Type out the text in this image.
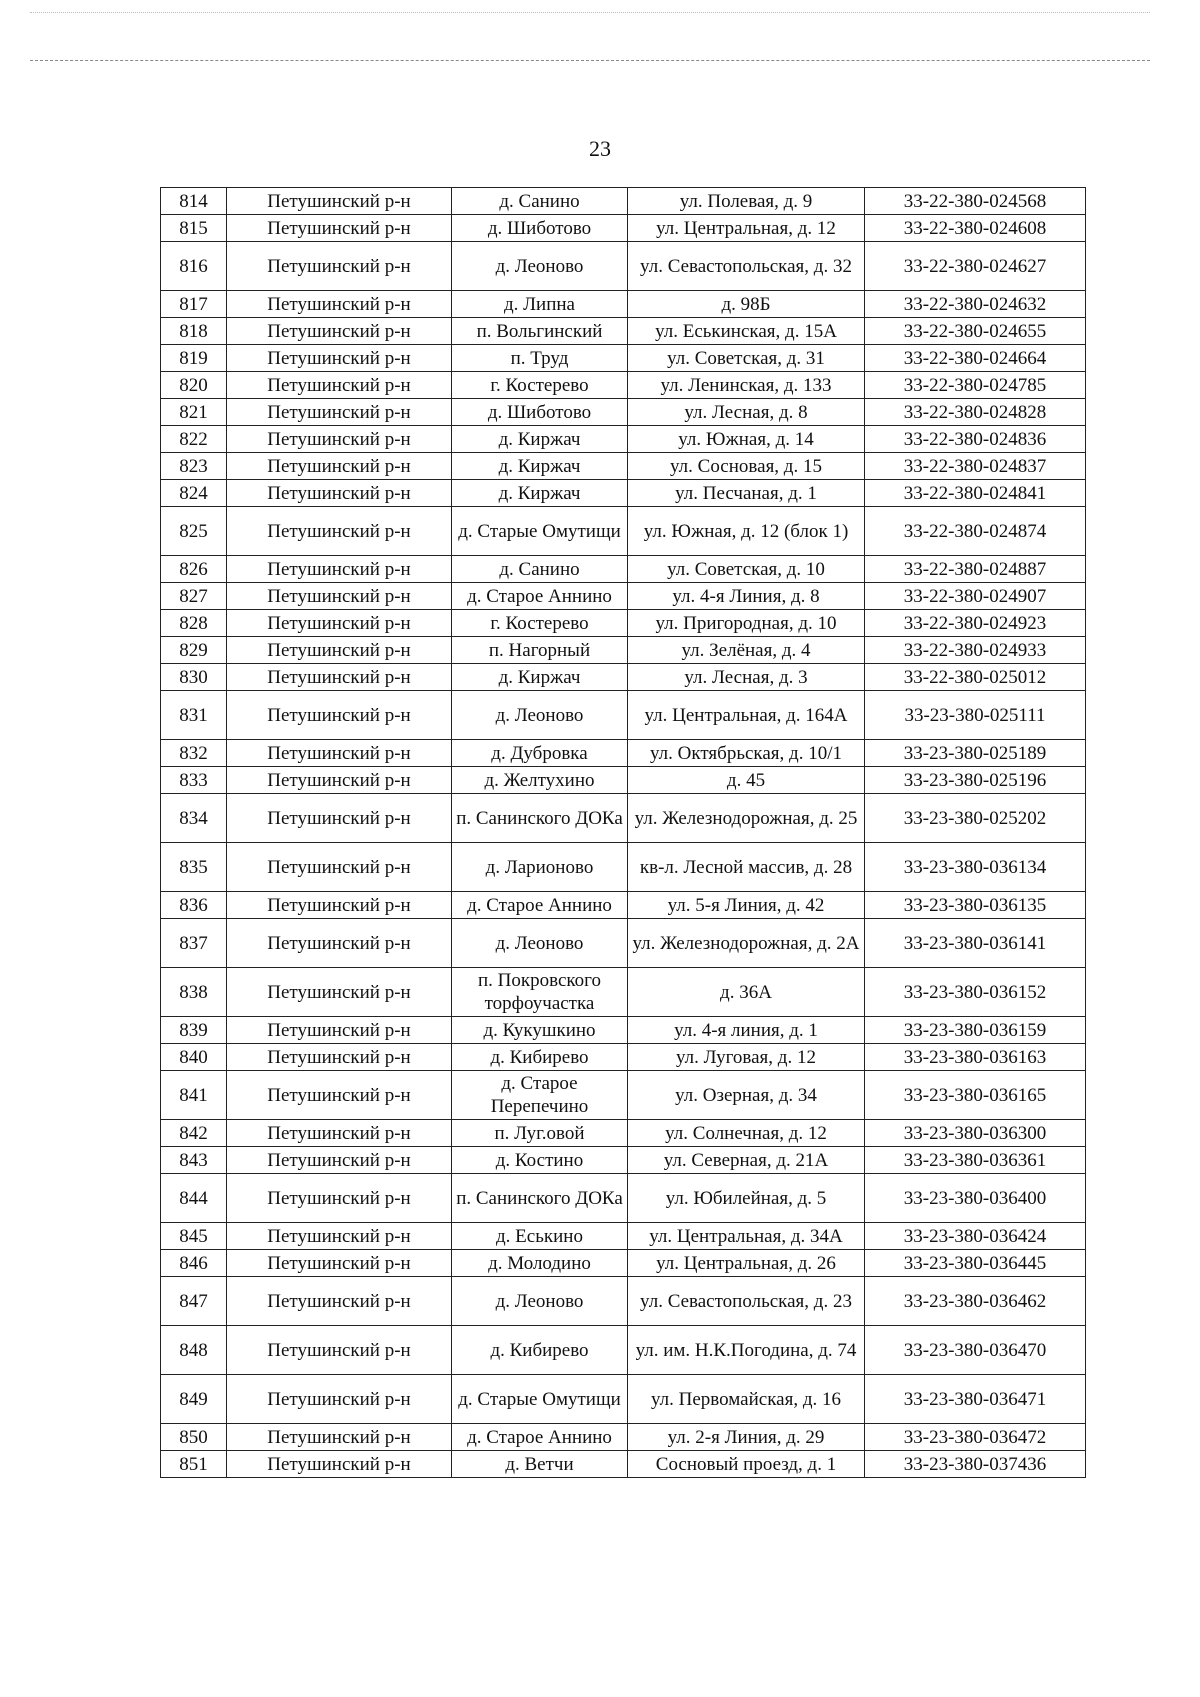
23
814	Петушинский р-н	д. Санино	ул. Полевая, д. 9	33-22-380-024568
815	Петушинский р-н	д. Шиботово	ул. Центральная, д. 12	33-22-380-024608
816	Петушинский р-н	д. Леоново	ул. Севастопольская, д. 32	33-22-380-024627
817	Петушинский р-н	д. Липна	д. 98Б	33-22-380-024632
818	Петушинский р-н	п. Вольгинский	ул. Еськинская, д. 15А	33-22-380-024655
819	Петушинский р-н	п. Труд	ул. Советская, д. 31	33-22-380-024664
820	Петушинский р-н	г. Костерево	ул. Ленинская, д. 133	33-22-380-024785
821	Петушинский р-н	д. Шиботово	ул. Лесная, д. 8	33-22-380-024828
822	Петушинский р-н	д. Киржач	ул. Южная, д. 14	33-22-380-024836
823	Петушинский р-н	д. Киржач	ул. Сосновая, д. 15	33-22-380-024837
824	Петушинский р-н	д. Киржач	ул. Песчаная, д. 1	33-22-380-024841
825	Петушинский р-н	д. Старые Омутищи	ул. Южная, д. 12 (блок 1)	33-22-380-024874
826	Петушинский р-н	д. Санино	ул. Советская, д. 10	33-22-380-024887
827	Петушинский р-н	д. Старое Аннино	ул. 4-я Линия, д. 8	33-22-380-024907
828	Петушинский р-н	г. Костерево	ул. Пригородная, д. 10	33-22-380-024923
829	Петушинский р-н	п. Нагорный	ул. Зелёная, д. 4	33-22-380-024933
830	Петушинский р-н	д. Киржач	ул. Лесная, д. 3	33-22-380-025012
831	Петушинский р-н	д. Леоново	ул. Центральная, д. 164А	33-23-380-025111
832	Петушинский р-н	д. Дубровка	ул. Октябрьская, д. 10/1	33-23-380-025189
833	Петушинский р-н	д. Желтухино	д. 45	33-23-380-025196
834	Петушинский р-н	п. Санинского ДОКа	ул. Железнодорожная, д. 25	33-23-380-025202
835	Петушинский р-н	д. Ларионово	кв-л. Лесной массив, д. 28	33-23-380-036134
836	Петушинский р-н	д. Старое Аннино	ул. 5-я Линия, д. 42	33-23-380-036135
837	Петушинский р-н	д. Леоново	ул. Железнодорожная, д. 2А	33-23-380-036141
838	Петушинский р-н	п. Покровского торфоучастка	д. 36А	33-23-380-036152
839	Петушинский р-н	д. Кукушкино	ул. 4-я линия, д. 1	33-23-380-036159
840	Петушинский р-н	д. Кибирево	ул. Луговая, д. 12	33-23-380-036163
841	Петушинский р-н	д. Старое Перепечино	ул. Озерная, д. 34	33-23-380-036165
842	Петушинский р-н	п. Луг.овой	ул. Солнечная, д. 12	33-23-380-036300
843	Петушинский р-н	д. Костино	ул. Северная, д. 21А	33-23-380-036361
844	Петушинский р-н	п. Санинского ДОКа	ул. Юбилейная, д. 5	33-23-380-036400
845	Петушинский р-н	д. Еськино	ул. Центральная, д. 34А	33-23-380-036424
846	Петушинский р-н	д. Молодино	ул. Центральная, д. 26	33-23-380-036445
847	Петушинский р-н	д. Леоново	ул. Севастопольская, д. 23	33-23-380-036462
848	Петушинский р-н	д. Кибирево	ул. им. Н.К.Погодина, д. 74	33-23-380-036470
849	Петушинский р-н	д. Старые Омутищи	ул. Первомайская, д. 16	33-23-380-036471
850	Петушинский р-н	д. Старое Аннино	ул. 2-я Линия, д. 29	33-23-380-036472
851	Петушинский р-н	д. Ветчи	Сосновый проезд, д. 1	33-23-380-037436
